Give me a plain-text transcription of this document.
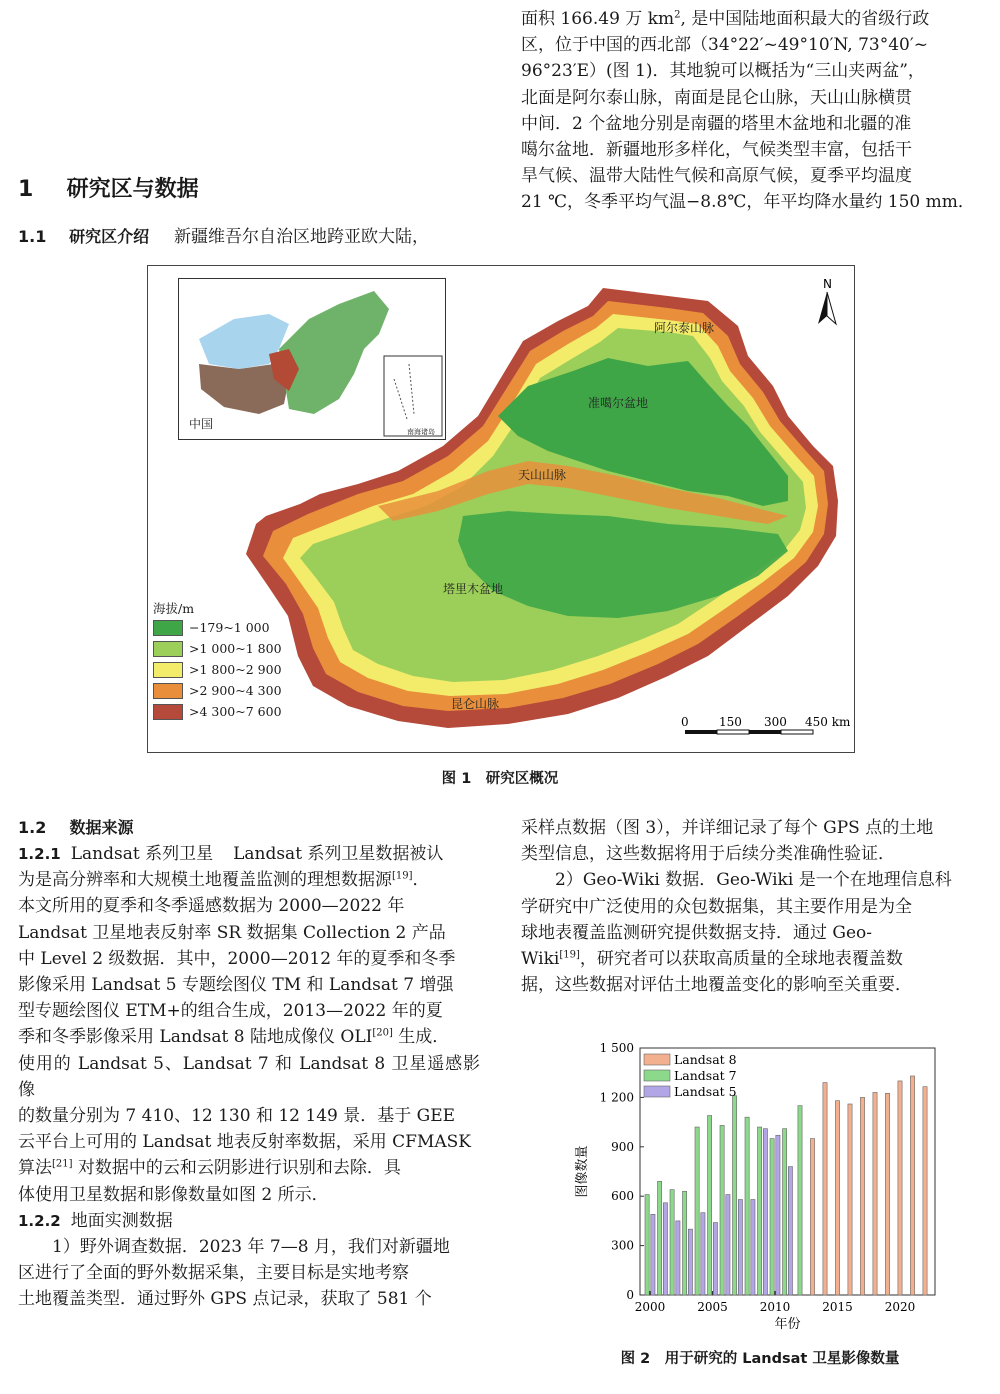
面积 166.49 万 $km^2$, 是中国陆地面积最大的省级行政
区，位于中国的西北部（34°22′~49°10′N, 73°40′~
96°23′E）(图 1)．其地貌可以概括为“三山夹两盆”，
北面是阿尔泰山脉，南面是昆仑山脉，天山山脉横贯
中间．2 个盆地分别是南疆的塔里木盆地和北疆的准
噶尔盆地．新疆地形多样化，气候类型丰富，包括干
旱气候、温带大陆性气候和高原气候，夏季平均温度
21 ℃，冬季平均气温−8.8℃，年平均降水量约 150 mm．
1 研究区与数据
1.1 研究区介绍 新疆维吾尔自治区地跨亚欧大陆，
阿尔泰山脉
准噶尔盆地
天山山脉
塔里木盆地
昆仑山脉
N
0	150 300 450 km
中国
南海诸岛
海拔/m
−179~1 000
>1 000~1 800
>1 800~2 900
>2 900~4 300
>4 300~7 600
图 1　研究区概况
1.2 数据来源
1.2.1 Landsat 系列卫星 Landsat 系列卫星数据被认
为是高分辨率和大规模土地覆盖监测的理想数据源[19]．
本文所用的夏季和冬季遥感数据为 2000—2022 年
Landsat 卫星地表反射率 SR 数据集 Collection 2 产品
中 Level 2 级数据．其中，2000—2012 年的夏季和冬季
影像采用 Landsat 5 专题绘图仪 TM 和 Landsat 7 增强
型专题绘图仪 ETM+的组合生成，2013—2022 年的夏
季和冬季影像采用 Landsat 8 陆地成像仪 OLI[20] 生成．
使用的 Landsat 5、Landsat 7 和 Landsat 8 卫星遥感影像
的数量分别为 7 410、12 130 和 12 149 景．基于 GEE
云平台上可用的 Landsat 地表反射率数据，采用 CFMASK
算法[21] 对数据中的云和云阴影进行识别和去除．具
体使用卫星数据和影像数量如图 2 所示．
1.2.2 地面实测数据
1）野外调查数据．2023 年 7—8 月，我们对新疆地
区进行了全面的野外数据采集，主要目标是实地考察
土地覆盖类型．通过野外 GPS 点记录，获取了 581 个
采样点数据（图 3），并详细记录了每个 GPS 点的土地
类型信息，这些数据将用于后续分类准确性验证．
2）Geo-Wiki 数据．Geo-Wiki 是一个在地理信息科
学研究中广泛使用的众包数据集，其主要作用是为全
球地表覆盖监测研究提供数据支持．通过 Geo-
Wiki[19]，研究者可以获取高质量的全球地表覆盖数
据，这些数据对评估土地覆盖变化的影响至关重要．
0
300
600
900
1 200
1 500
2000	2005	2010	2015	2020
年份
图像数量
Landsat 8
Landsat 7
Landsat 5
图 2　用于研究的 Landsat 卫星影像数量
